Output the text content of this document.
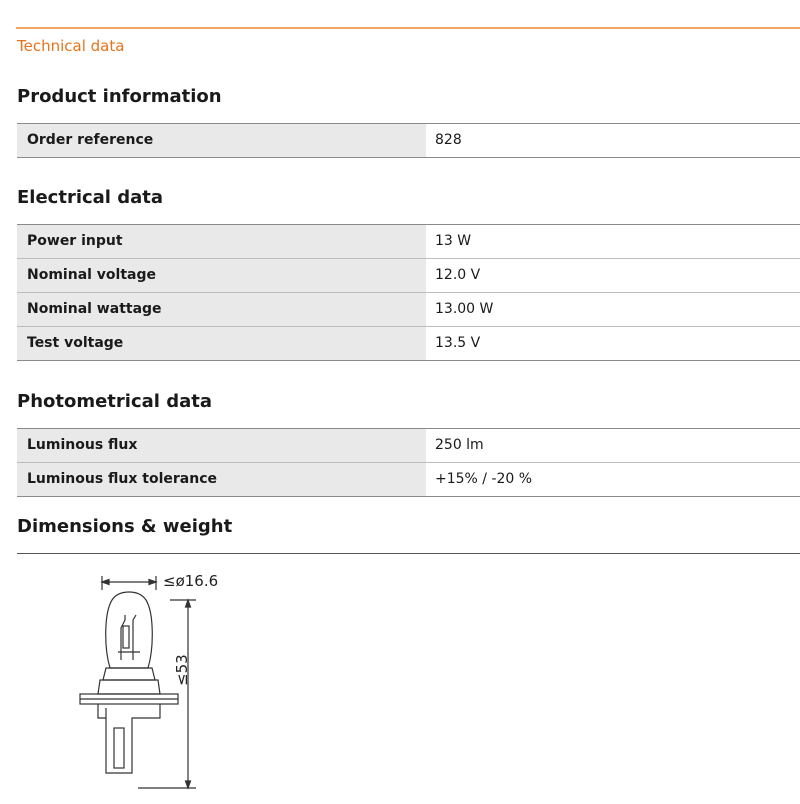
Technical data
Product information
Order reference	828
Electrical data
Power input	13 W
Nominal voltage	12.0 V
Nominal wattage	13.00 W
Test voltage	13.5 V
Photometrical data
Luminous flux	250 lm
Luminous flux tolerance	+15% / -20 %
Dimensions & weight
≤ø16.6
≤53
